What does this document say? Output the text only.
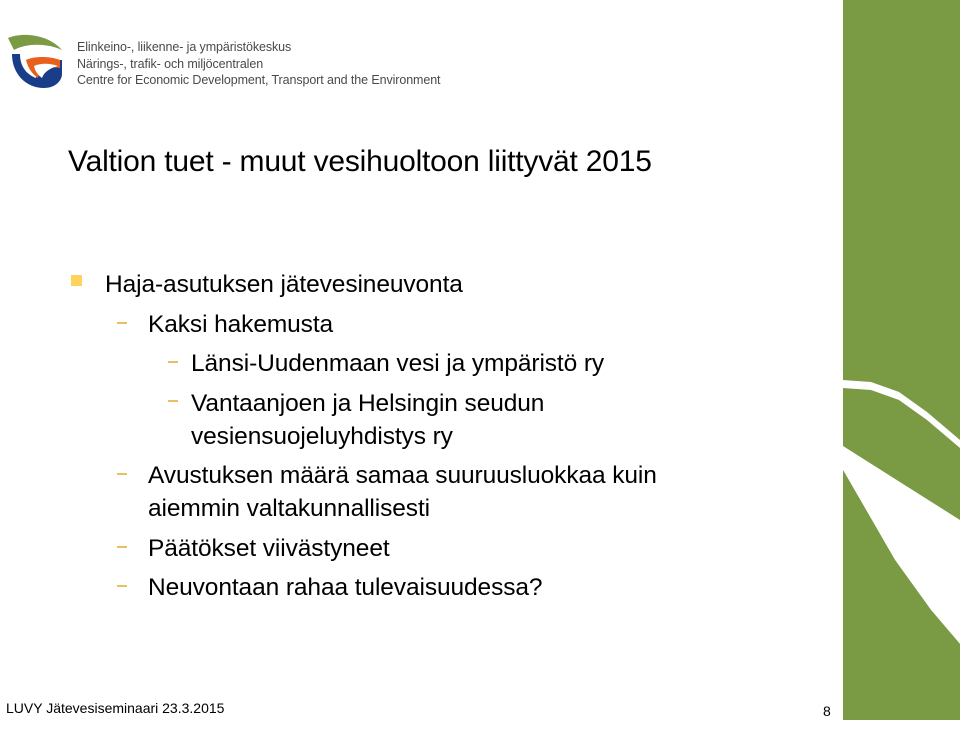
Elinkeino-, liikenne- ja ympäristökeskus
Närings-, trafik- och miljöcentralen
Centre for Economic Development, Transport and the Environment
Valtion tuet - muut vesihuoltoon liittyvät 2015
Haja-asutuksen jätevesineuvonta
Kaksi hakemusta
Länsi-Uudenmaan vesi ja ympäristö ry
Vantaanjoen ja Helsingin seudun
vesiensuojeluyhdistys ry
Avustuksen määrä samaa suuruusluokkaa kuin
aiemmin valtakunnallisesti
Päätökset viivästyneet
Neuvontaan rahaa tulevaisuudessa?
LUVY Jätevesiseminaari 23.3.2015	8
